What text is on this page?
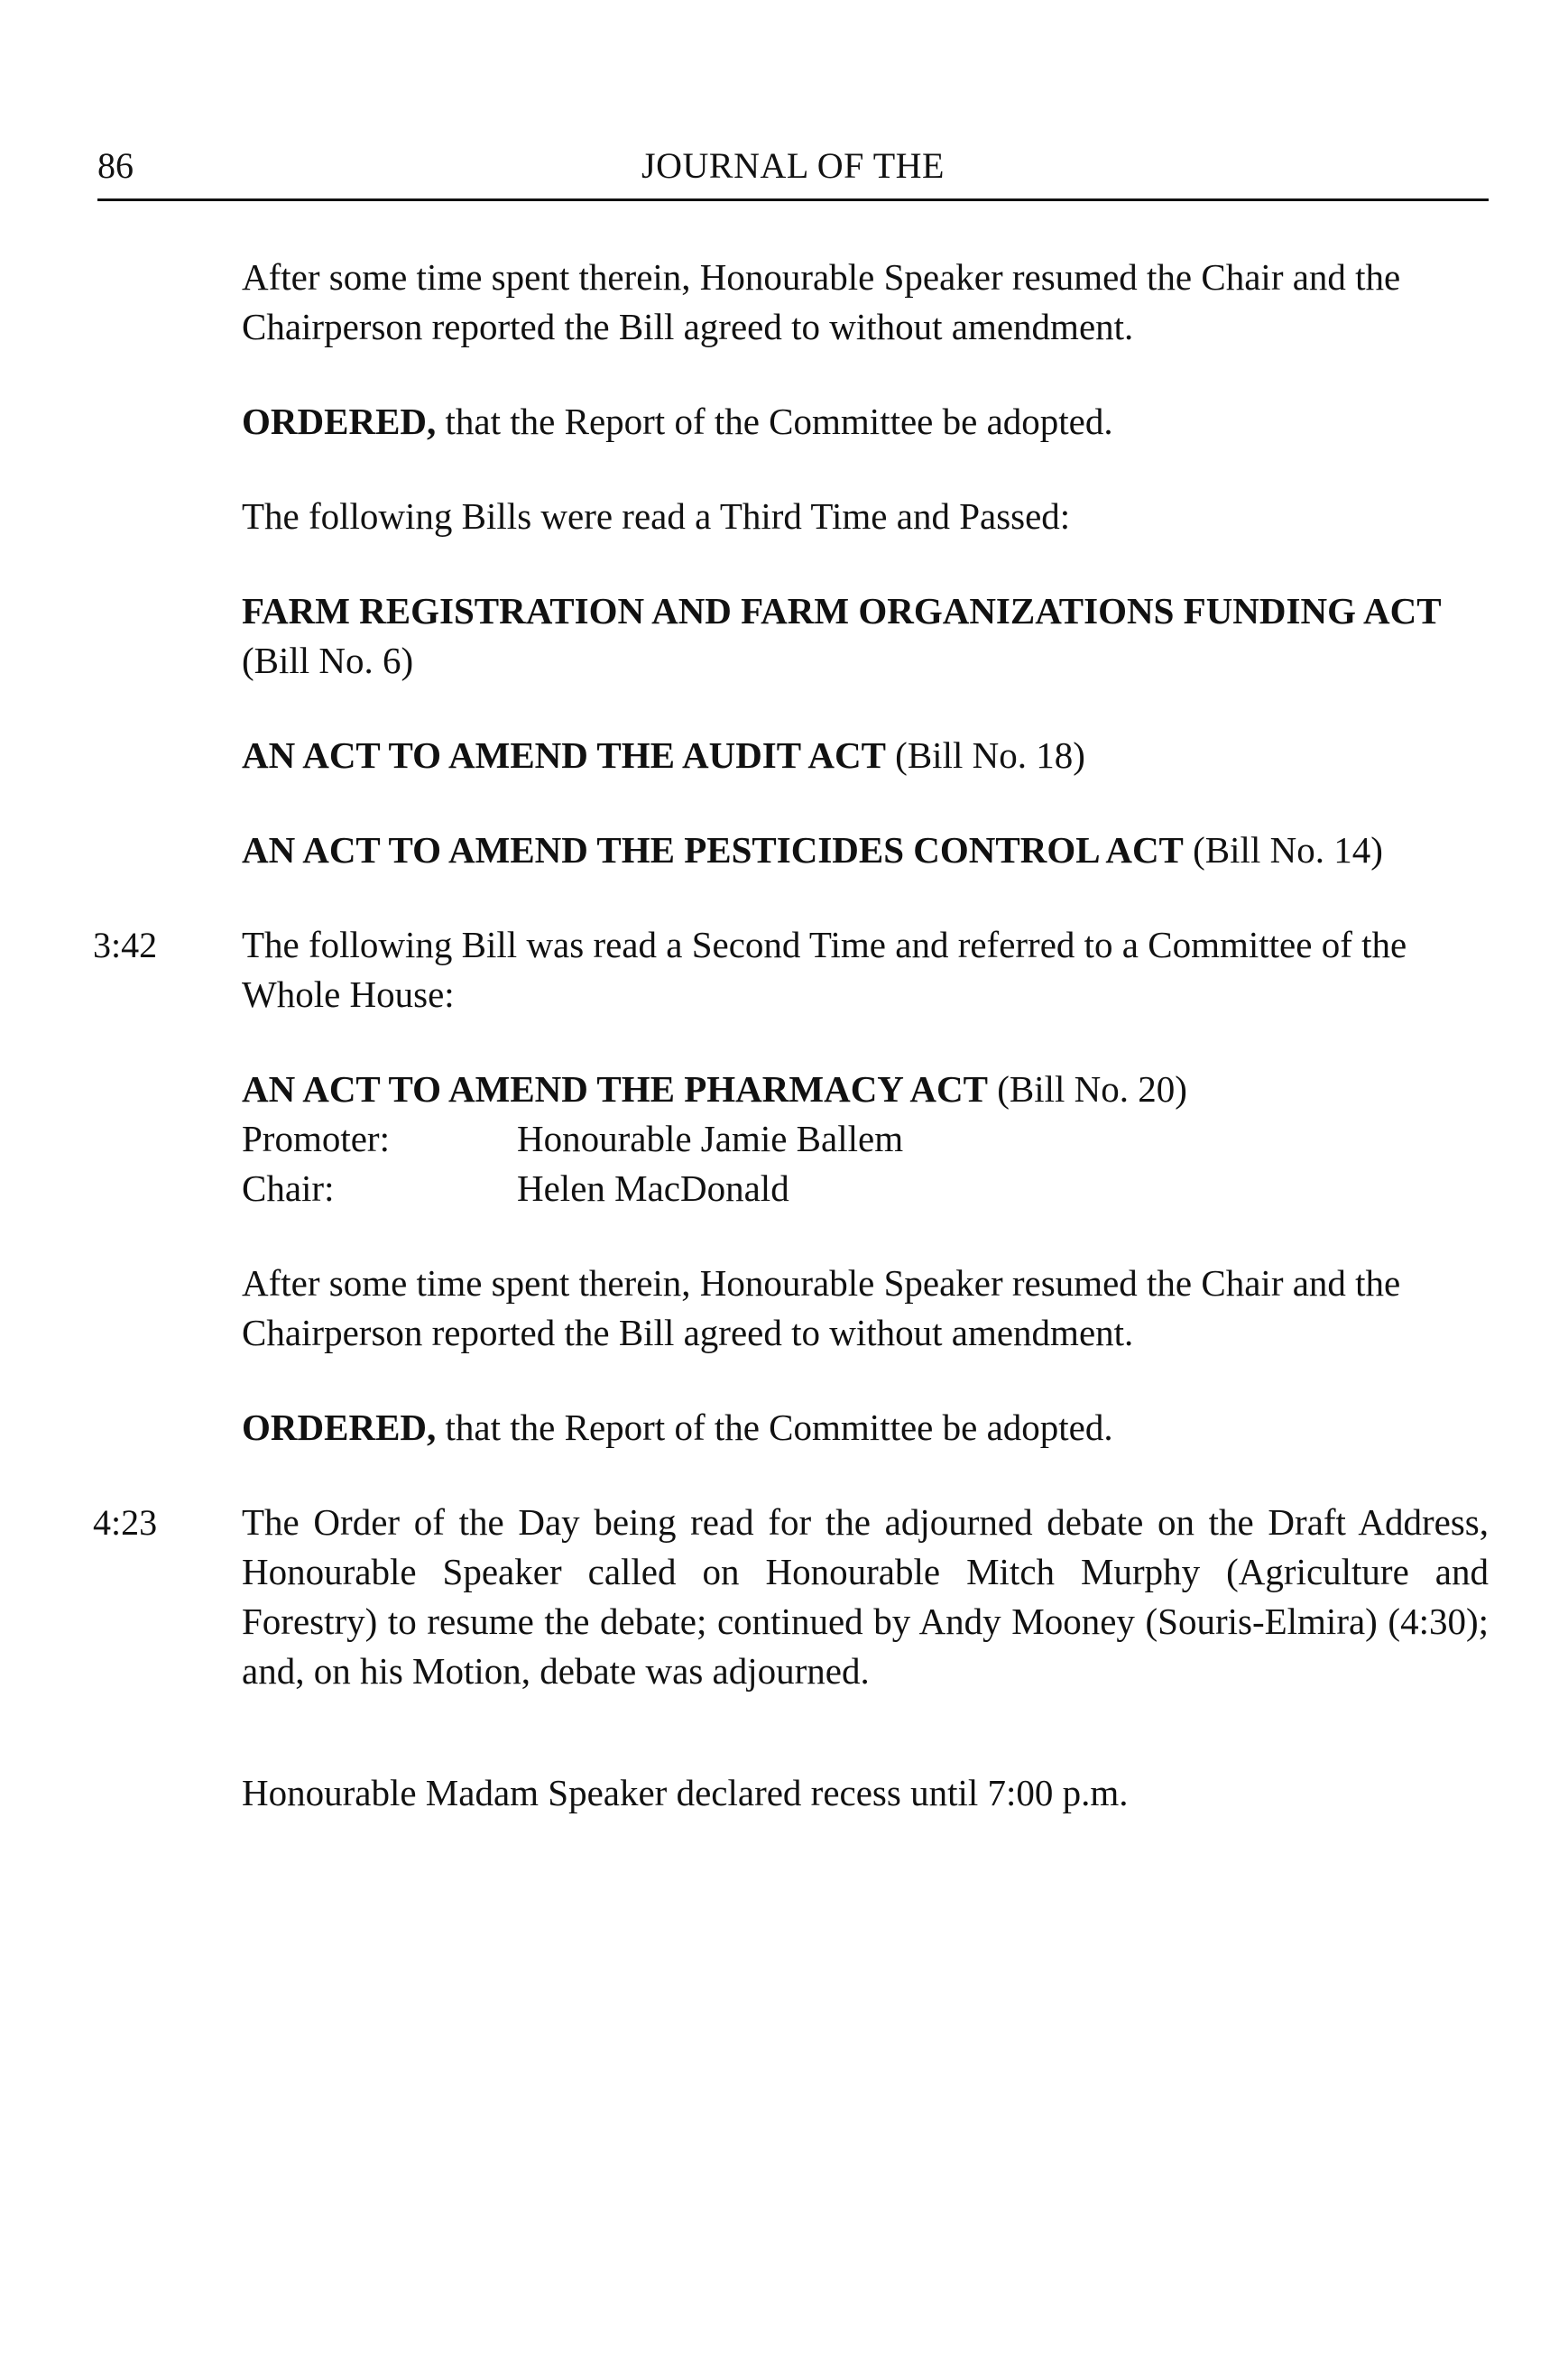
86	JOURNAL OF THE

After some time spent therein, Honourable Speaker resumed the Chair and the Chairperson reported the Bill agreed to without amendment.

ORDERED, that the Report of the Committee be adopted.

The following Bills were read a Third Time and Passed:

FARM REGISTRATION AND FARM ORGANIZATIONS FUNDING ACT (Bill No. 6)

AN ACT TO AMEND THE AUDIT ACT (Bill No. 18)

AN ACT TO AMEND THE PESTICIDES CONTROL ACT (Bill No. 14)

3:42	The following Bill was read a Second Time and referred to a Committee of the Whole House:

AN ACT TO AMEND THE PHARMACY ACT (Bill No. 20)
Promoter:	Honourable Jamie Ballem
Chair:	Helen MacDonald

After some time spent therein, Honourable Speaker resumed the Chair and the Chairperson reported the Bill agreed to without amendment.

ORDERED, that the Report of the Committee be adopted.

4:23	The Order of the Day being read for the adjourned debate on the Draft Address, Honourable Speaker called on Honourable Mitch Murphy (Agriculture and Forestry) to resume the debate; continued by Andy Mooney (Souris-Elmira) (4:30); and, on his Motion, debate was adjourned.

Honourable Madam Speaker declared recess until 7:00 p.m.
